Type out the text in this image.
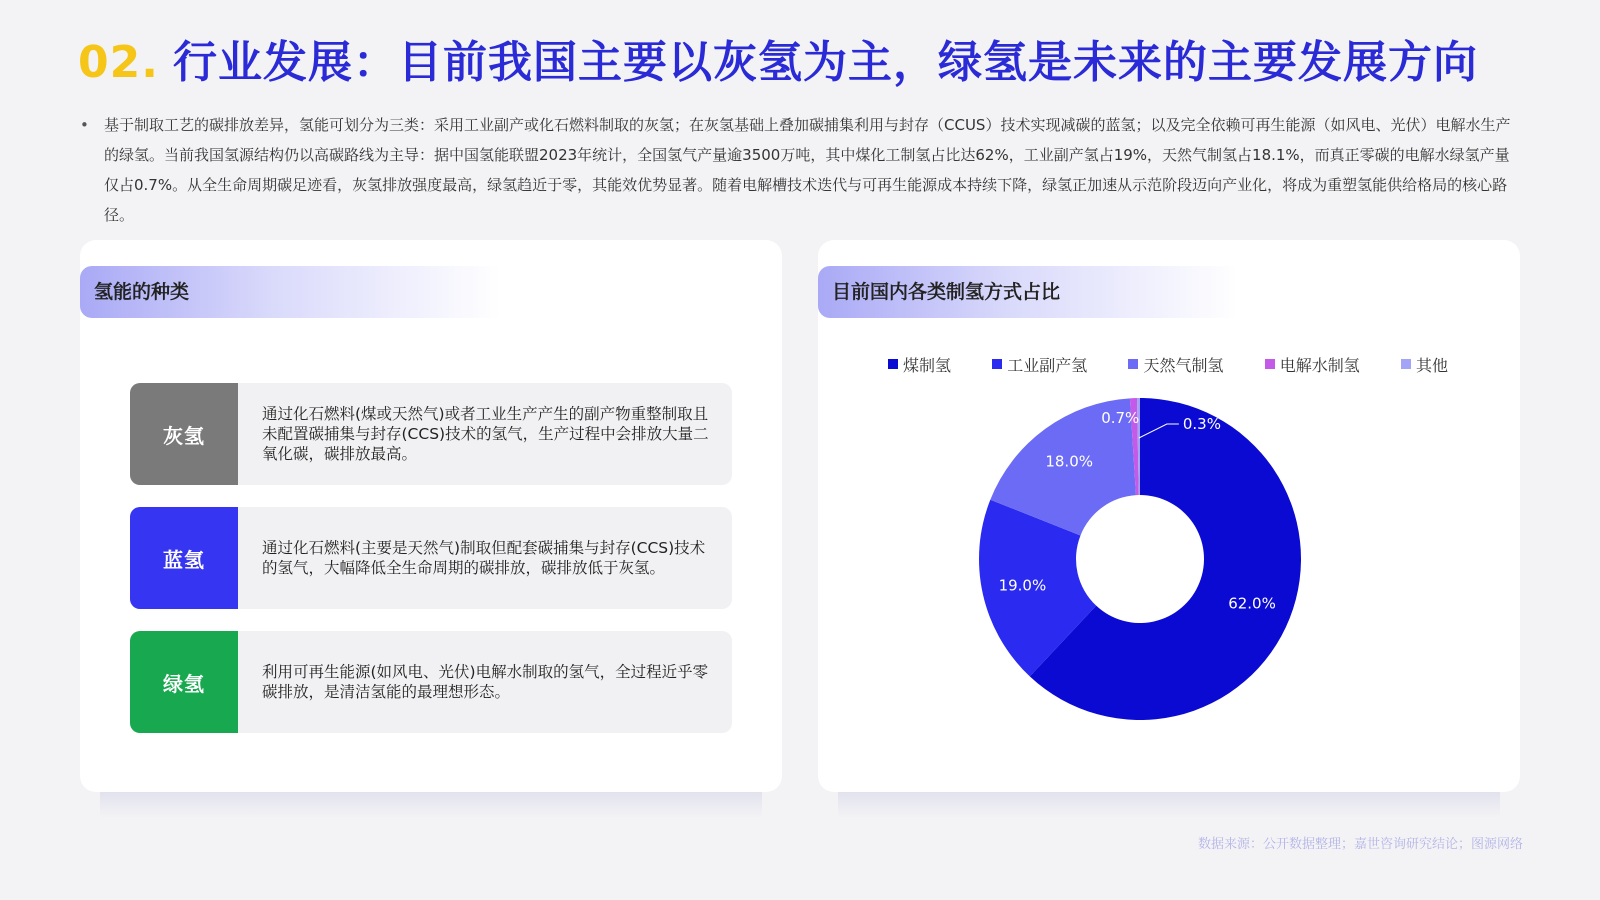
02. 行业发展：目前我国主要以灰氢为主，绿氢是未来的主要发展方向
• 基于制取工艺的碳排放差异，氢能可划分为三类：采用工业副产或化石燃料制取的灰氢；在灰氢基础上叠加碳捕集利用与封存（CCUS）技术实现减碳的蓝氢；以及完全依赖可再生能源（如风电、光伏）电解水生产的绿氢。当前我国氢源结构仍以高碳路线为主导：据中国氢能联盟2023年统计，全国氢气产量逾3500万吨，其中煤化工制氢占比达62%，工业副产氢占19%，天然气制氢占18.1%，而真正零碳的电解水绿氢产量仅占0.7%。从全生命周期碳足迹看，灰氢排放强度最高，绿氢趋近于零，其能效优势显著。随着电解槽技术迭代与可再生能源成本持续下降，绿氢正加速从示范阶段迈向产业化，将成为重塑氢能供给格局的核心路径。
氢能的种类
灰氢
通过化石燃料(煤或天然气)或者工业生产产生的副产物重整制取且未配置碳捕集与封存(CCS)技术的氢气，生产过程中会排放大量二氧化碳，碳排放最高。
蓝氢	通过化石燃料(主要是天然气)制取但配套碳捕集与封存(CCS)技术的氢气，大幅降低全生命周期的碳排放，碳排放低于灰氢。
绿氢	利用可再生能源(如风电、光伏)电解水制取的氢气，全过程近乎零碳排放，是清洁氢能的最理想形态。
目前国内各类制氢方式占比
煤制氢	工业副产氢	天然气制氢	电解水制氢	其他
62.0%
19.0%
18.0%
0.7%	0.3%
数据来源：公开数据整理；嘉世咨询研究结论；图源网络
